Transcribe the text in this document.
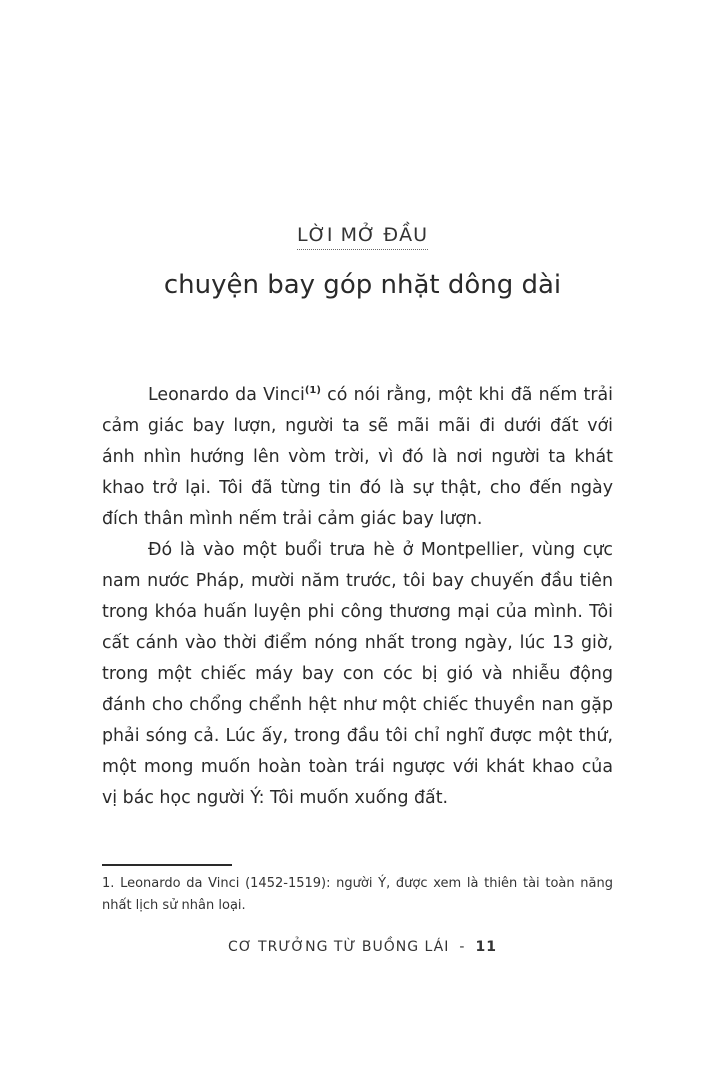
LỜI MỞ ĐẦU
chuyện bay góp nhặt dông dài

Leonardo da Vinci$^{(1)}$ có nói rằng, một khi đã nếm trải cảm giác bay lượn, người ta sẽ mãi mãi đi dưới đất với ánh nhìn hướng lên vòm trời, vì đó là nơi người ta khát khao trở lại. Tôi đã từng tin đó là sự thật, cho đến ngày đích thân mình nếm trải cảm giác bay lượn.

Đó là vào một buổi trưa hè ở Montpellier, vùng cực nam nước Pháp, mười năm trước, tôi bay chuyến đầu tiên trong khóa huấn luyện phi công thương mại của mình. Tôi cất cánh vào thời điểm nóng nhất trong ngày, lúc 13 giờ, trong một chiếc máy bay con cóc bị gió và nhiễu động đánh cho chổng chểnh hệt như một chiếc thuyền nan gặp phải sóng cả. Lúc ấy, trong đầu tôi chỉ nghĩ được một thứ, một mong muốn hoàn toàn trái ngược với khát khao của vị bác học người Ý: Tôi muốn xuống đất.

1. Leonardo da Vinci (1452-1519): người Ý, được xem là thiên tài toàn năng nhất lịch sử nhân loại.
CƠ TRƯỞNG TỪ BUỒNG LÁI - 11
